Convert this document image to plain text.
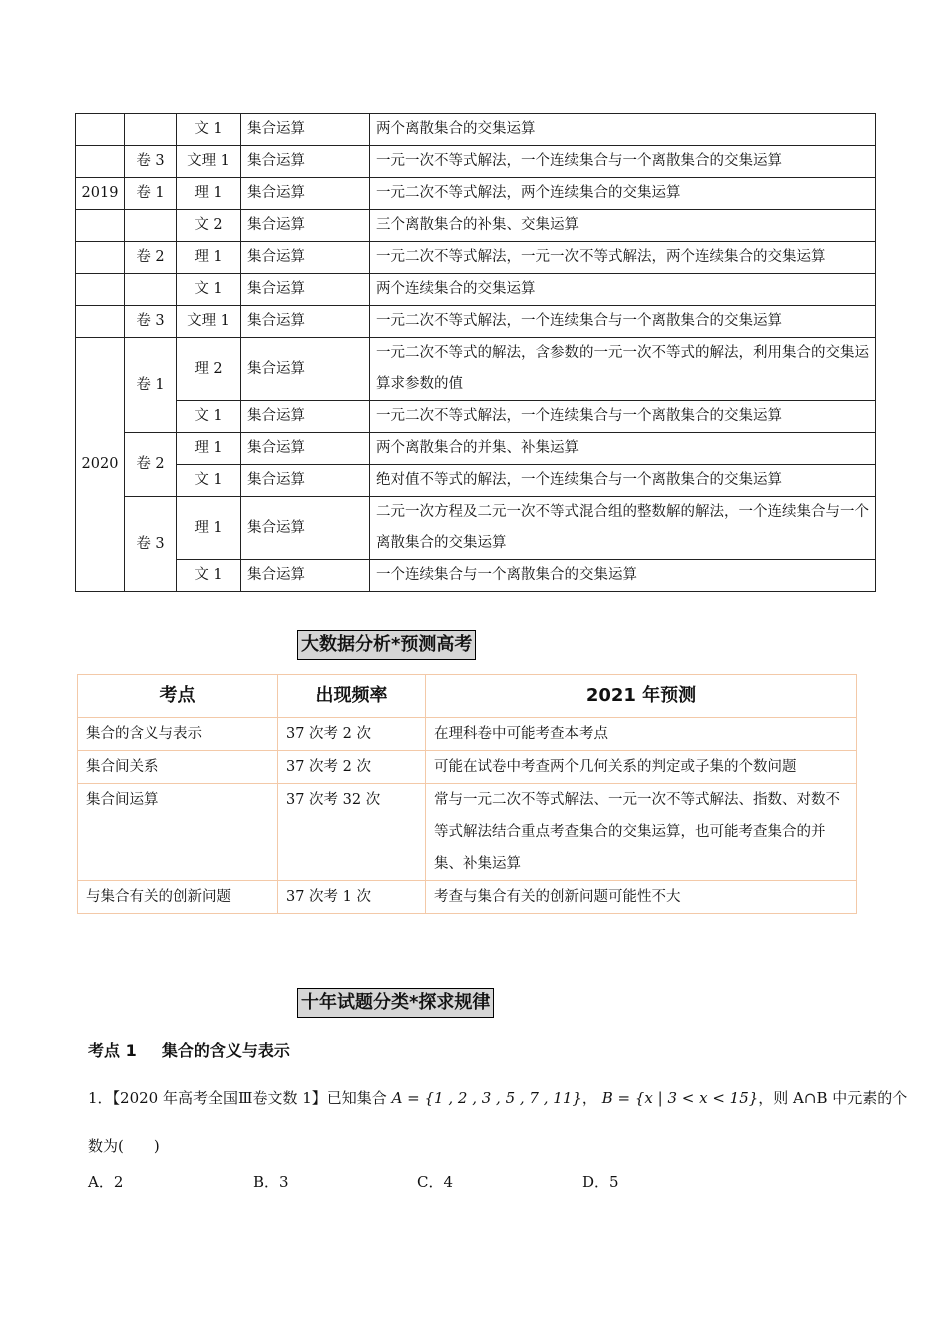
		文 1	集合运算	两个离散集合的交集运算
	卷 3	文理 1	集合运算	一元一次不等式解法，一个连续集合与一个离散集合的交集运算
2019	卷 1	理 1	集合运算	一元二次不等式解法，两个连续集合的交集运算
		文 2	集合运算	三个离散集合的补集、交集运算
	卷 2	理 1	集合运算	一元二次不等式解法，一元一次不等式解法，两个连续集合的交集运算
		文 1	集合运算	两个连续集合的交集运算
	卷 3	文理 1	集合运算	一元二次不等式解法，一个连续集合与一个离散集合的交集运算
2020	卷 1	理 2	集合运算	一元二次不等式的解法，含参数的一元一次不等式的解法，利用集合的交集运算求参数的值
		文 1	集合运算	一元二次不等式解法，一个连续集合与一个离散集合的交集运算
	卷 2	理 1	集合运算	两个离散集合的并集、补集运算
		文 1	集合运算	绝对值不等式的解法，一个连续集合与一个离散集合的交集运算
	卷 3	理 1	集合运算	二元一次方程及二元一次不等式混合组的整数解的解法，一个连续集合与一个离散集合的交集运算
		文 1	集合运算	一个连续集合与一个离散集合的交集运算
大数据分析*预测高考
考点	出现频率	2021 年预测
集合的含义与表示	37 次考 2 次	在理科卷中可能考查本考点
集合间关系	37 次考 2 次	可能在试卷中考查两个几何关系的判定或子集的个数问题
集合间运算	37 次考 32 次	常与一元二次不等式解法、一元一次不等式解法、指数、对数不等式解法结合重点考查集合的交集运算，也可能考查集合的并集、补集运算
与集合有关的创新问题	37 次考 1 次	考查与集合有关的创新问题可能性不大
十年试题分类*探求规律
考点 1 集合的含义与表示
1．【2020 年高考全国Ⅲ卷文数 1】已知集合 A = {1 , 2 , 3 , 5 , 7 , 11}， B = {x | 3 < x < 15}，则 A∩B 中元素的个
数为(　　)
A．2	B．3	C．4	D．5
